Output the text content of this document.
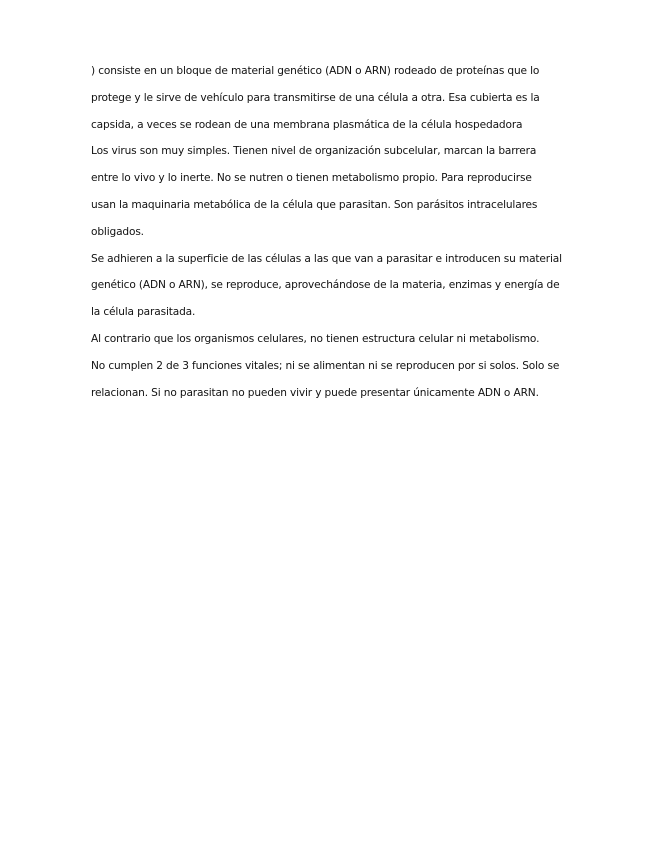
) consiste en un bloque de material genético (ADN o ARN) rodeado de proteínas que lo
protege y le sirve de vehículo para transmitirse de una célula a otra. Esa cubierta es la
capsida, a veces se rodean de una membrana plasmática de la célula hospedadora
Los virus son muy simples. Tienen nivel de organización subcelular, marcan la barrera
entre lo vivo y lo inerte. No se nutren o tienen metabolismo propio. Para reproducirse
usan la maquinaria metabólica de la célula que parasitan. Son parásitos intracelulares
obligados.
Se adhieren a la superficie de las células a las que van a parasitar e introducen su material
genético (ADN o ARN), se reproduce, aprovechándose de la materia, enzimas y energía de
la célula parasitada.
Al contrario que los organismos celulares, no tienen estructura celular ni metabolismo.
No cumplen 2 de 3 funciones vitales; ni se alimentan ni se reproducen por si solos. Solo se
relacionan. Si no parasitan no pueden vivir y puede presentar únicamente ADN o ARN.
